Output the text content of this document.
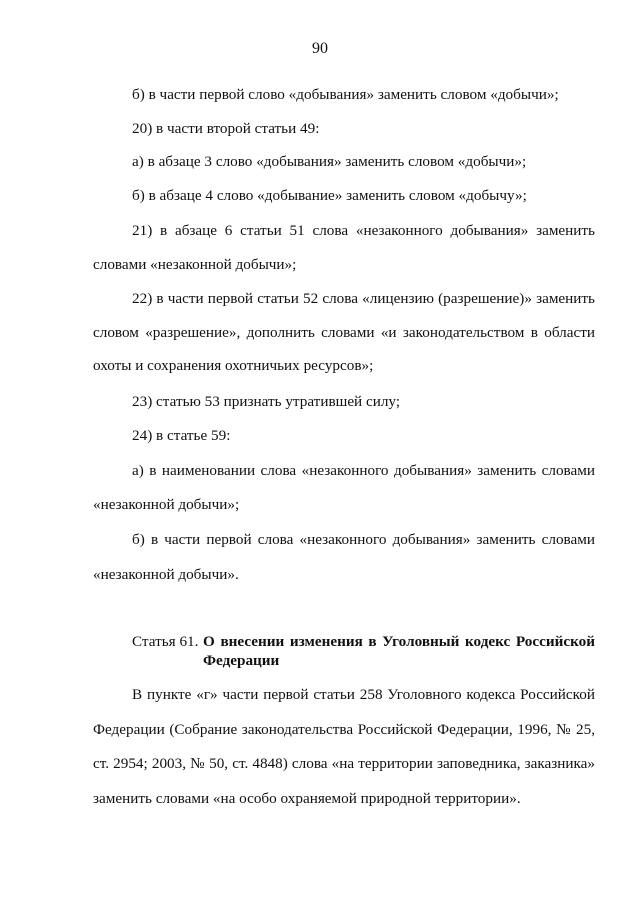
90
б) в части первой слово «добывания» заменить словом «добычи»;
20) в части второй статьи 49:
а) в абзаце 3 слово «добывания» заменить словом «добычи»;
б) в абзаце 4 слово «добывание» заменить словом «добычу»;
21) в абзаце 6 статьи 51 слова «незаконного добывания» заменить
словами «незаконной добычи»;
22) в части первой статьи 52 слова «лицензию (разрешение)» заменить
словом «разрешение», дополнить словами «и законодательством в области
охоты и сохранения охотничьих ресурсов»;
23) статью 53 признать утратившей силу;
24) в статье 59:
а) в наименовании слова «незаконного добывания» заменить словами
«незаконной добычи»;
б) в части первой слова «незаконного добывания» заменить словами
«незаконной добычи».
Статья 61. О внесении изменения в Уголовный кодекс Российской Федерации
В пункте «г» части первой статьи 258 Уголовного кодекса Российской
Федерации (Собрание законодательства Российской Федерации, 1996, № 25,
ст. 2954; 2003, № 50, ст. 4848) слова «на территории заповедника, заказника»
заменить словами «на особо охраняемой природной территории».
